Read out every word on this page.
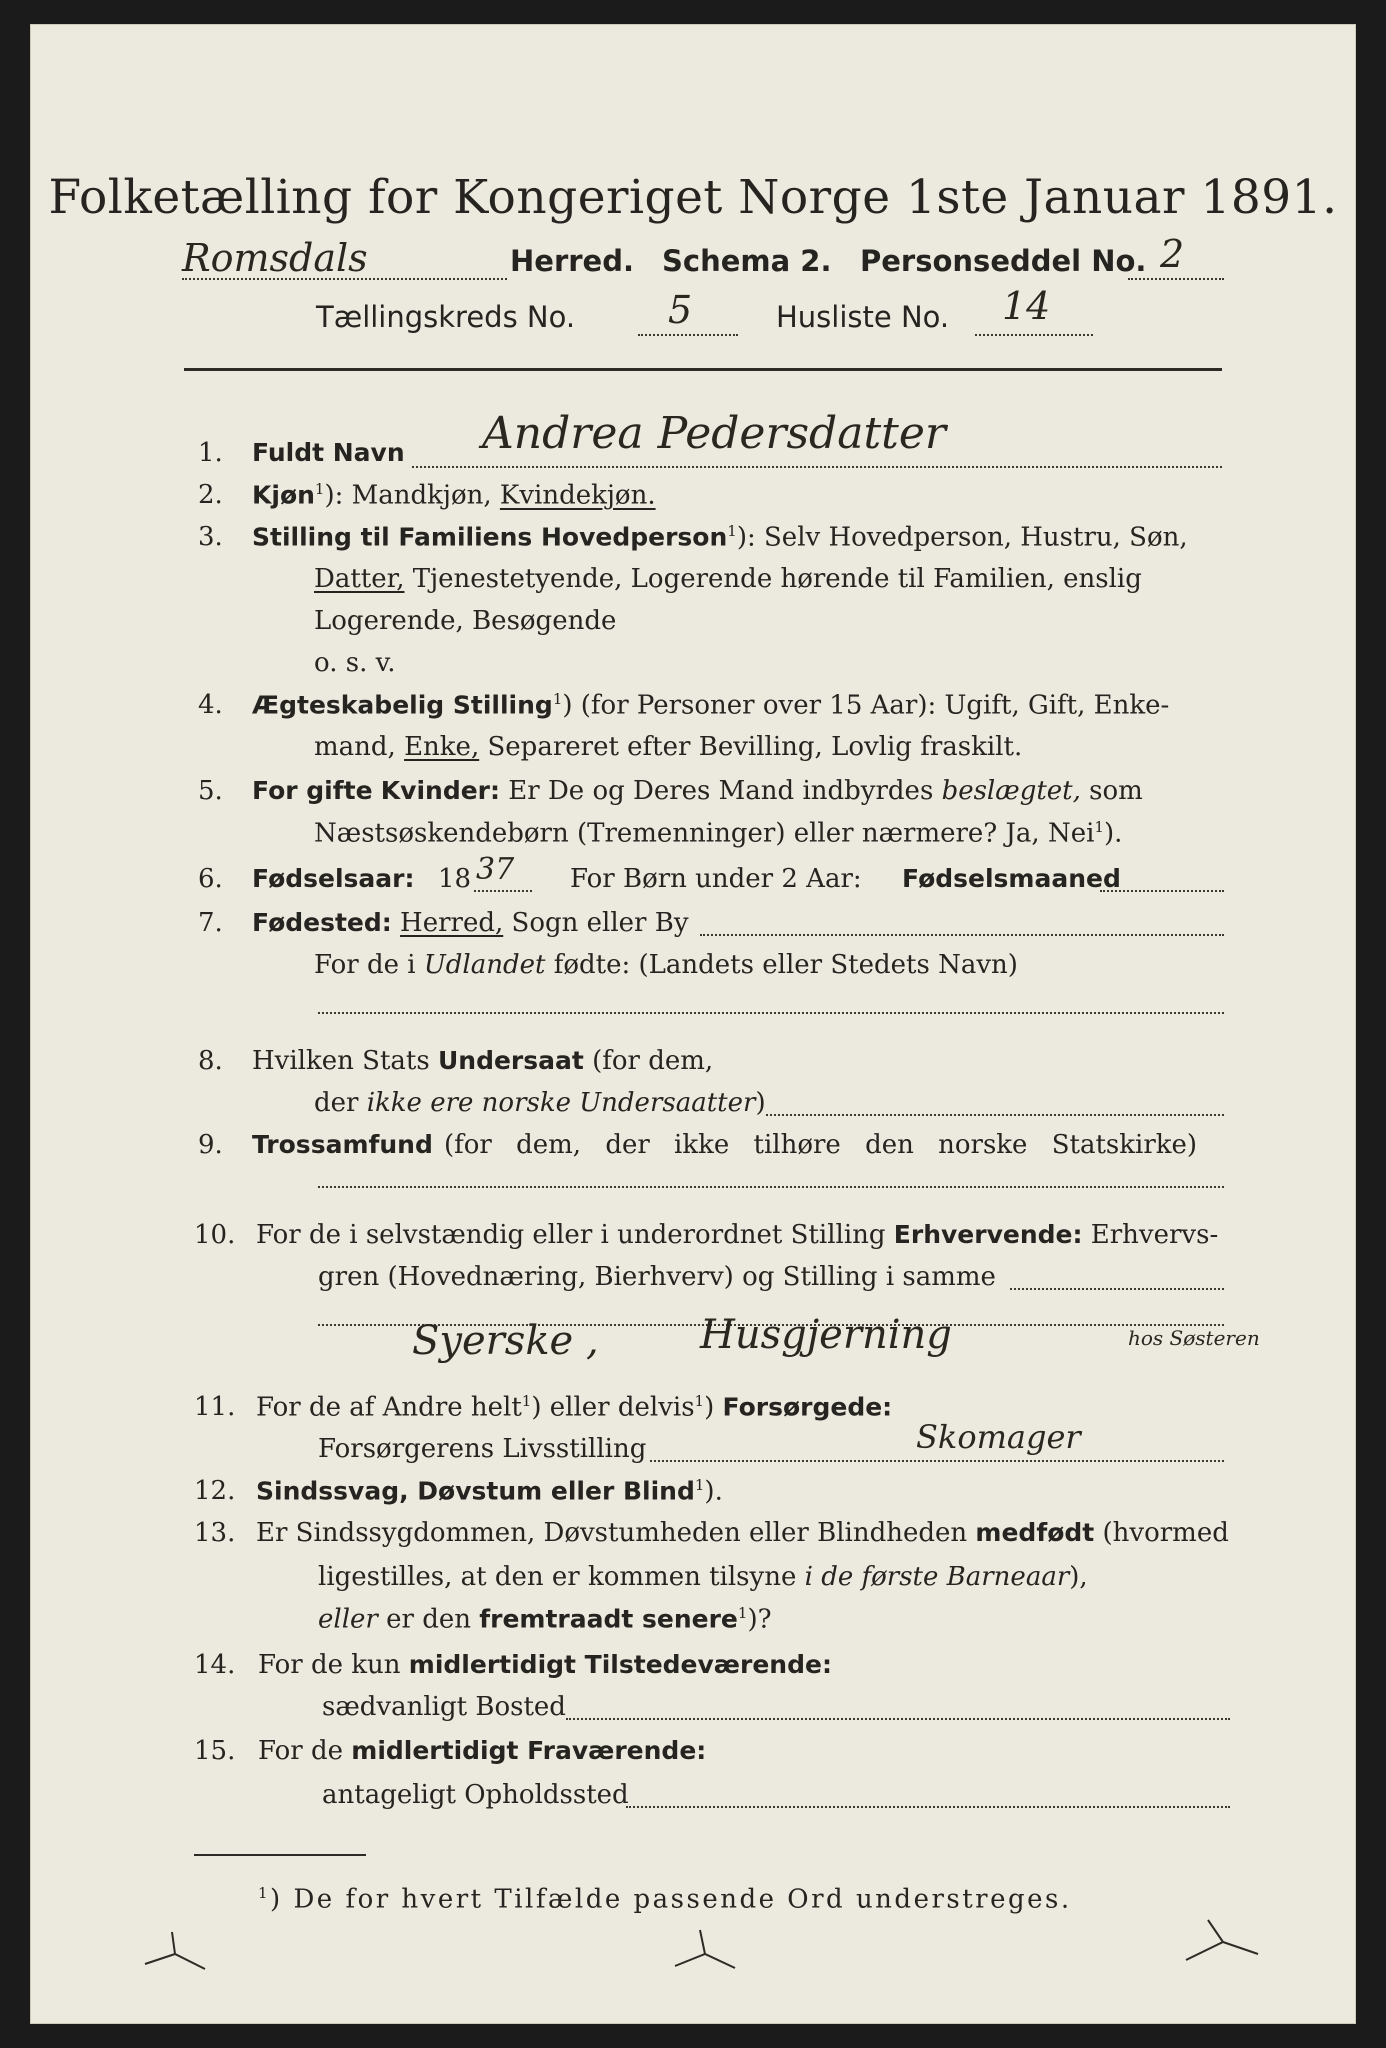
Folketælling for Kongeriget Norge 1ste Januar 1891.
Romsdals	Herred. Schema 2. Personseddel No. 2
Tællingskreds No. 5	Husliste No. 14
1. Fuldt Navn Andrea Pedersdatter
2. Kjøn$^1$): Mandkjøn, Kvindekjøn.
3. Stilling til Familiens Hovedperson$^1$): Selv Hovedperson, Hustru, Søn,
Datter, Tjenestetyende, Logerende hørende til Familien, enslig
Logerende, Besøgende
o. s. v.
4. Ægteskabelig Stilling$^1$) (for Personer over 15 Aar): Ugift, Gift, Enke-
mand, Enke, Separeret efter Bevilling, Lovlig fraskilt.
5. For gifte Kvinder: Er De og Deres Mand indbyrdes beslægtet, som
Næstsøskendebørn (Tremenninger) eller nærmere? Ja, Nei$^1$).
6. Fødselsaar: 18 37 For Børn under 2 Aar: Fødselsmaaned
7. Fødested: Herred, Sogn eller By
For de i Udlandet fødte: (Landets eller Stedets Navn)
8. Hvilken Stats Undersaat (for dem,
der ikke ere norske Undersaatter)
9. Trossamfund (for dem, der ikke tilhøre den norske Statskirke)
10. For de i selvstændig eller i underordnet Stilling Erhvervende: Erhvervs-
gren (Hovednæring, Bierhverv) og Stilling i samme
Syerske ,	Husgjerning	hos Søsteren
11. For de af Andre helt$^1$) eller delvis$^1$) Forsørgede:
Forsørgerens Livsstilling	Skomager
12. Sindssvag, Døvstum eller Blind$^1$).
13. Er Sindssygdommen, Døvstumheden eller Blindheden medfødt (hvormed
ligestilles, at den er kommen tilsyne i de første Barneaar),
eller er den fremtraadt senere$^1$)?
14. For de kun midlertidigt Tilstedeværende:
sædvanligt Bosted
15. For de midlertidigt Fraværende:
antageligt Opholdssted
$^1$) De for hvert Tilfælde passende Ord understreges.
